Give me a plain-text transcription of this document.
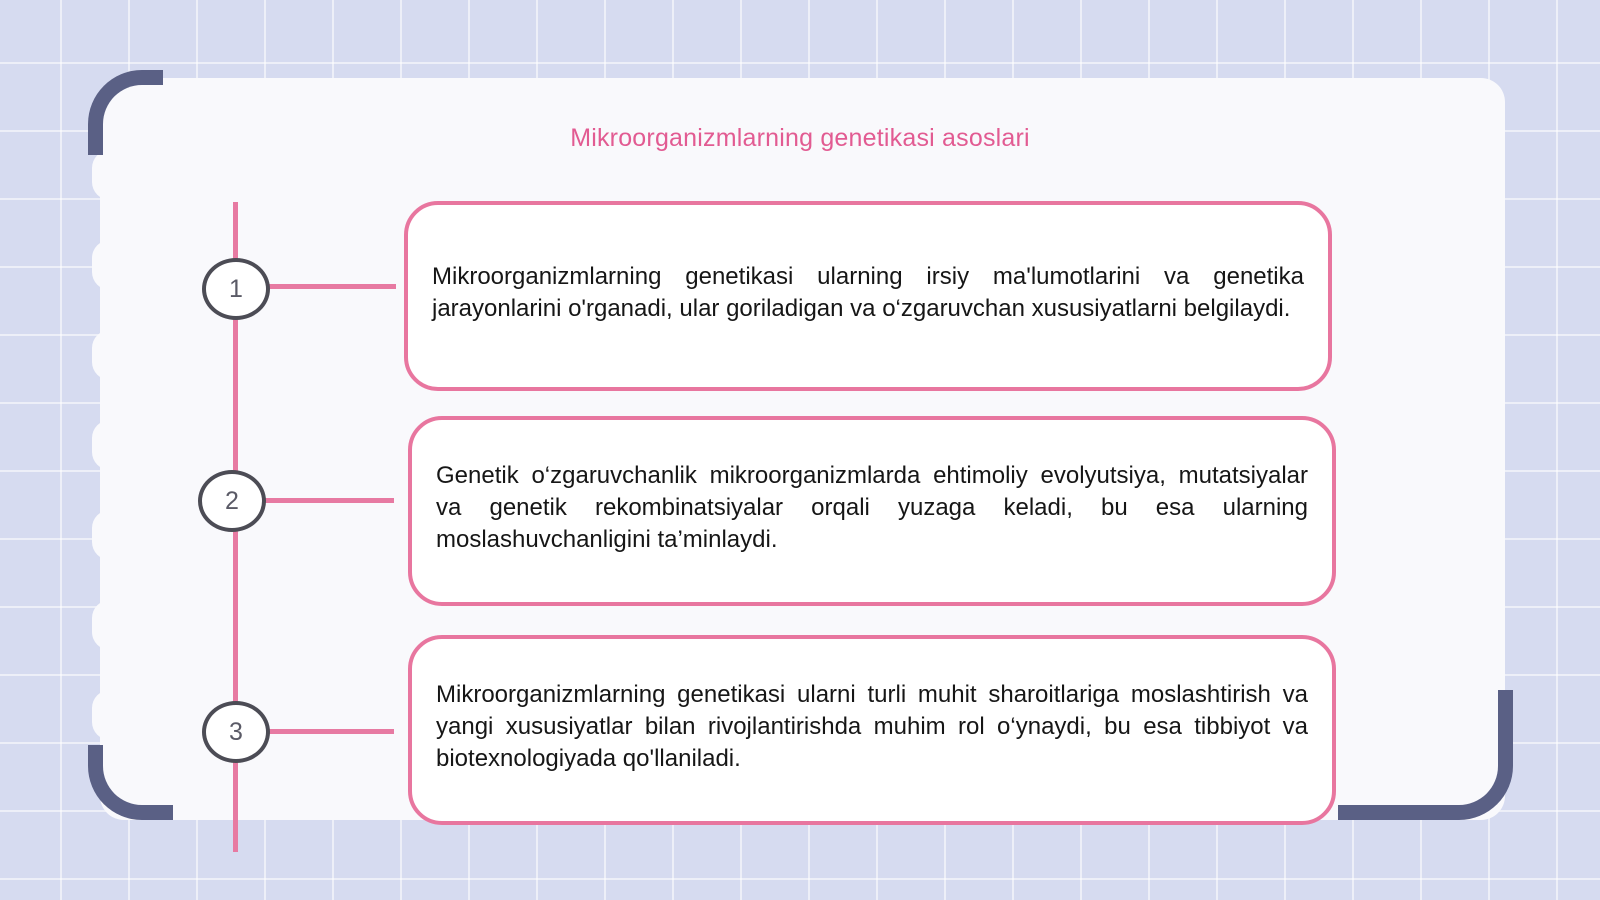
Mikroorganizmlarning genetikasi asoslari
1	Mikroorganizmlarning genetikasi ularning irsiy ma'lumotlarini va genetika jarayonlarini o'rganadi, ular goriladigan va o‘zgaruvchan xususiyatlarni belgilaydi.

2

Genetik o‘zgaruvchanlik mikroorganizmlarda ehtimoliy evolyutsiya, mutatsiyalar va genetik rekombinatsiyalar orqali yuzaga keladi, bu esa ularning moslashuvchanligini ta’minlaydi.

3

Mikroorganizmlarning genetikasi ularni turli muhit sharoitlariga moslashtirish va yangi xususiyatlar bilan rivojlantirishda muhim rol o‘ynaydi, bu esa tibbiyot va biotexnologiyada qo'llaniladi.
